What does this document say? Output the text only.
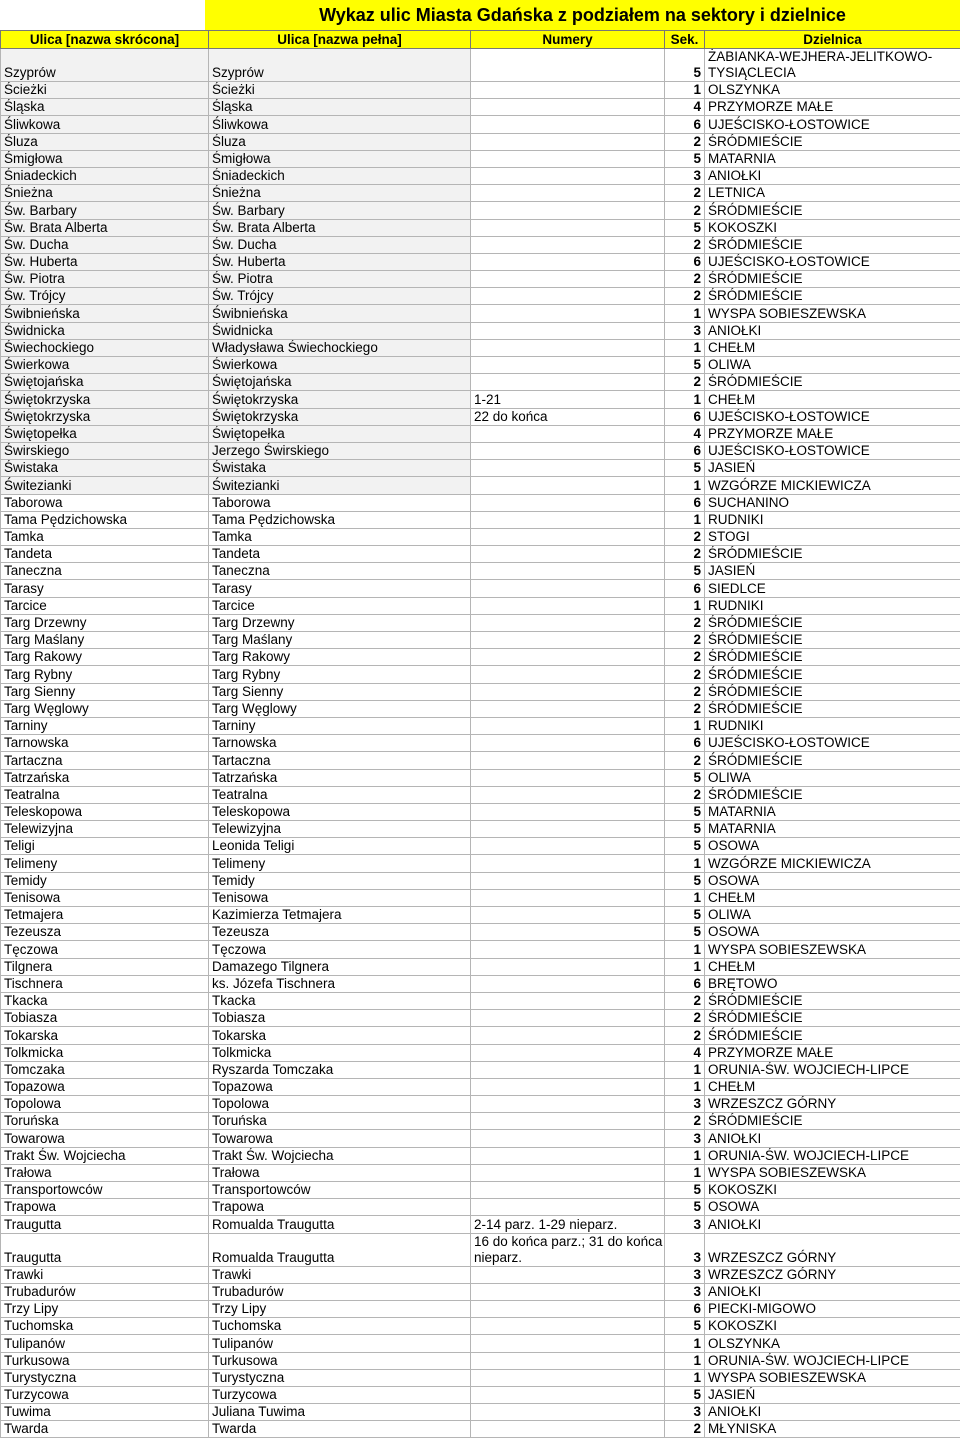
Wykaz ulic Miasta Gdańska z podziałem na sektory i dzielnice
Ulica [nazwa skrócona]	Ulica [nazwa pełna]	Numery	Sek.	Dzielnica
Szyprów	Szyprów		5	ŻABIANKA-WEJHERA-JELITKOWO-TYSIĄCLECIA
Ścieżki	Ścieżki		1	OLSZYNKA
Śląska	Śląska		4	PRZYMORZE MAŁE
Śliwkowa	Śliwkowa		6	UJEŚCISKO-ŁOSTOWICE
Śluza	Śluza		2	ŚRÓDMIEŚCIE
Śmigłowa	Śmigłowa		5	MATARNIA
Śniadeckich	Śniadeckich		3	ANIOŁKI
Śnieżna	Śnieżna		2	LETNICA
Św. Barbary	Św. Barbary		2	ŚRÓDMIEŚCIE
Św. Brata Alberta	Św. Brata Alberta		5	KOKOSZKI
Św. Ducha	Św. Ducha		2	ŚRÓDMIEŚCIE
Św. Huberta	Św. Huberta		6	UJEŚCISKO-ŁOSTOWICE
Św. Piotra	Św. Piotra		2	ŚRÓDMIEŚCIE
Św. Trójcy	Św. Trójcy		2	ŚRÓDMIEŚCIE
Świbnieńska	Świbnieńska		1	WYSPA SOBIESZEWSKA
Świdnicka	Świdnicka		3	ANIOŁKI
Świechockiego	Władysława Świechockiego		1	CHEŁM
Świerkowa	Świerkowa		5	OLIWA
Świętojańska	Świętojańska		2	ŚRÓDMIEŚCIE
Świętokrzyska	Świętokrzyska	1-21	1	CHEŁM
Świętokrzyska	Świętokrzyska	22 do końca	6	UJEŚCISKO-ŁOSTOWICE
Świętopełka	Świętopełka		4	PRZYMORZE MAŁE
Świrskiego	Jerzego Świrskiego		6	UJEŚCISKO-ŁOSTOWICE
Świstaka	Świstaka		5	JASIEŃ
Świtezianki	Świtezianki		1	WZGÓRZE MICKIEWICZA
Taborowa	Taborowa		6	SUCHANINO
Tama Pędzichowska	Tama Pędzichowska		1	RUDNIKI
Tamka	Tamka		2	STOGI
Tandeta	Tandeta		2	ŚRÓDMIEŚCIE
Taneczna	Taneczna		5	JASIEŃ
Tarasy	Tarasy		6	SIEDLCE
Tarcice	Tarcice		1	RUDNIKI
Targ Drzewny	Targ Drzewny		2	ŚRÓDMIEŚCIE
Targ Maślany	Targ Maślany		2	ŚRÓDMIEŚCIE
Targ Rakowy	Targ Rakowy		2	ŚRÓDMIEŚCIE
Targ Rybny	Targ Rybny		2	ŚRÓDMIEŚCIE
Targ Sienny	Targ Sienny		2	ŚRÓDMIEŚCIE
Targ Węglowy	Targ Węglowy		2	ŚRÓDMIEŚCIE
Tarniny	Tarniny		1	RUDNIKI
Tarnowska	Tarnowska		6	UJEŚCISKO-ŁOSTOWICE
Tartaczna	Tartaczna		2	ŚRÓDMIEŚCIE
Tatrzańska	Tatrzańska		5	OLIWA
Teatralna	Teatralna		2	ŚRÓDMIEŚCIE
Teleskopowa	Teleskopowa		5	MATARNIA
Telewizyjna	Telewizyjna		5	MATARNIA
Teligi	Leonida Teligi		5	OSOWA
Telimeny	Telimeny		1	WZGÓRZE MICKIEWICZA
Temidy	Temidy		5	OSOWA
Tenisowa	Tenisowa		1	CHEŁM
Tetmajera	Kazimierza Tetmajera		5	OLIWA
Tezeusza	Tezeusza		5	OSOWA
Tęczowa	Tęczowa		1	WYSPA SOBIESZEWSKA
Tilgnera	Damazego Tilgnera		1	CHEŁM
Tischnera	ks. Józefa Tischnera		6	BRĘTOWO
Tkacka	Tkacka		2	ŚRÓDMIEŚCIE
Tobiasza	Tobiasza		2	ŚRÓDMIEŚCIE
Tokarska	Tokarska		2	ŚRÓDMIEŚCIE
Tolkmicka	Tolkmicka		4	PRZYMORZE MAŁE
Tomczaka	Ryszarda Tomczaka		1	ORUNIA-ŚW. WOJCIECH-LIPCE
Topazowa	Topazowa		1	CHEŁM
Topolowa	Topolowa		3	WRZESZCZ GÓRNY
Toruńska	Toruńska		2	ŚRÓDMIEŚCIE
Towarowa	Towarowa		3	ANIOŁKI
Trakt Św. Wojciecha	Trakt Św. Wojciecha		1	ORUNIA-ŚW. WOJCIECH-LIPCE
Trałowa	Trałowa		1	WYSPA SOBIESZEWSKA
Transportowców	Transportowców		5	KOKOSZKI
Trapowa	Trapowa		5	OSOWA
Traugutta	Romualda Traugutta	2-14 parz. 1-29 nieparz.	3	ANIOŁKI
Traugutta	Romualda Traugutta	16 do końca parz.; 31 do końca nieparz.	3	WRZESZCZ GÓRNY
Trawki	Trawki		3	WRZESZCZ GÓRNY
Trubadurów	Trubadurów		3	ANIOŁKI
Trzy Lipy	Trzy Lipy		6	PIECKI-MIGOWO
Tuchomska	Tuchomska		5	KOKOSZKI
Tulipanów	Tulipanów		1	OLSZYNKA
Turkusowa	Turkusowa		1	ORUNIA-ŚW. WOJCIECH-LIPCE
Turystyczna	Turystyczna		1	WYSPA SOBIESZEWSKA
Turzycowa	Turzycowa		5	JASIEŃ
Tuwima	Juliana Tuwima		3	ANIOŁKI
Twarda	Twarda		2	MŁYNISKA
